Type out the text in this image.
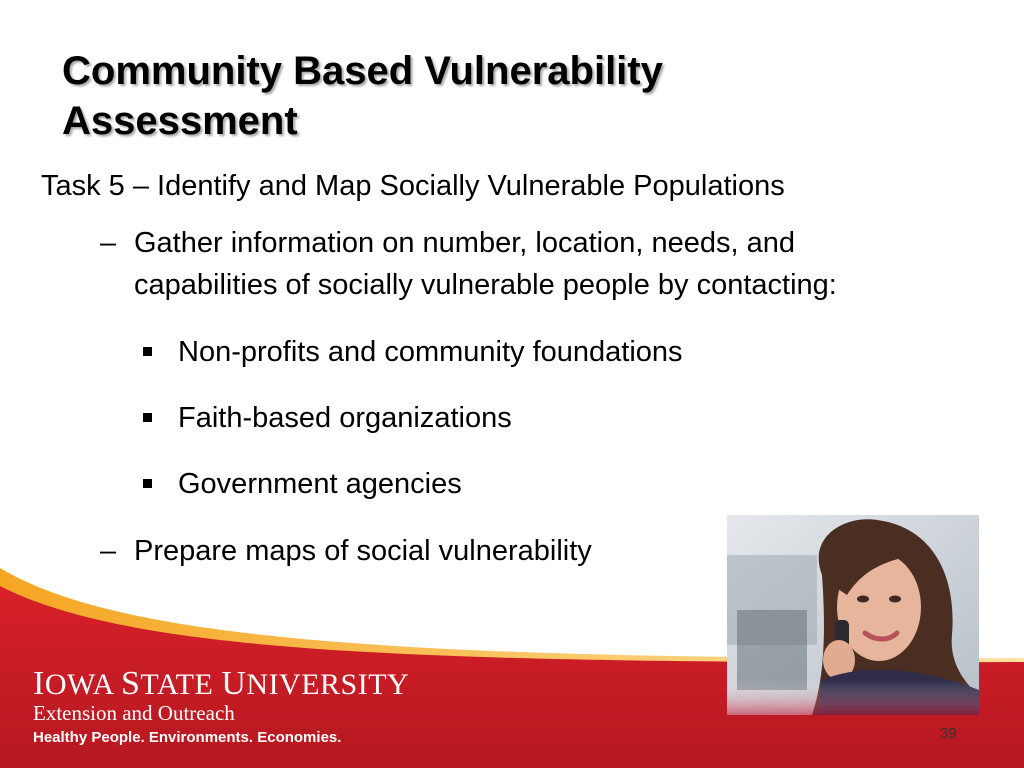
Community Based Vulnerability
Assessment

Task 5 – Identify and Map Socially Vulnerable Populations

– Gather information on number, location, needs, and
capabilities of socially vulnerable people by contacting:

Non-profits and community foundations

Faith-based organizations

Government agencies

– Prepare maps of social vulnerability

IOWA STATE UNIVERSITY

Extension and Outreach

Healthy People. Environments. Economies.	39
